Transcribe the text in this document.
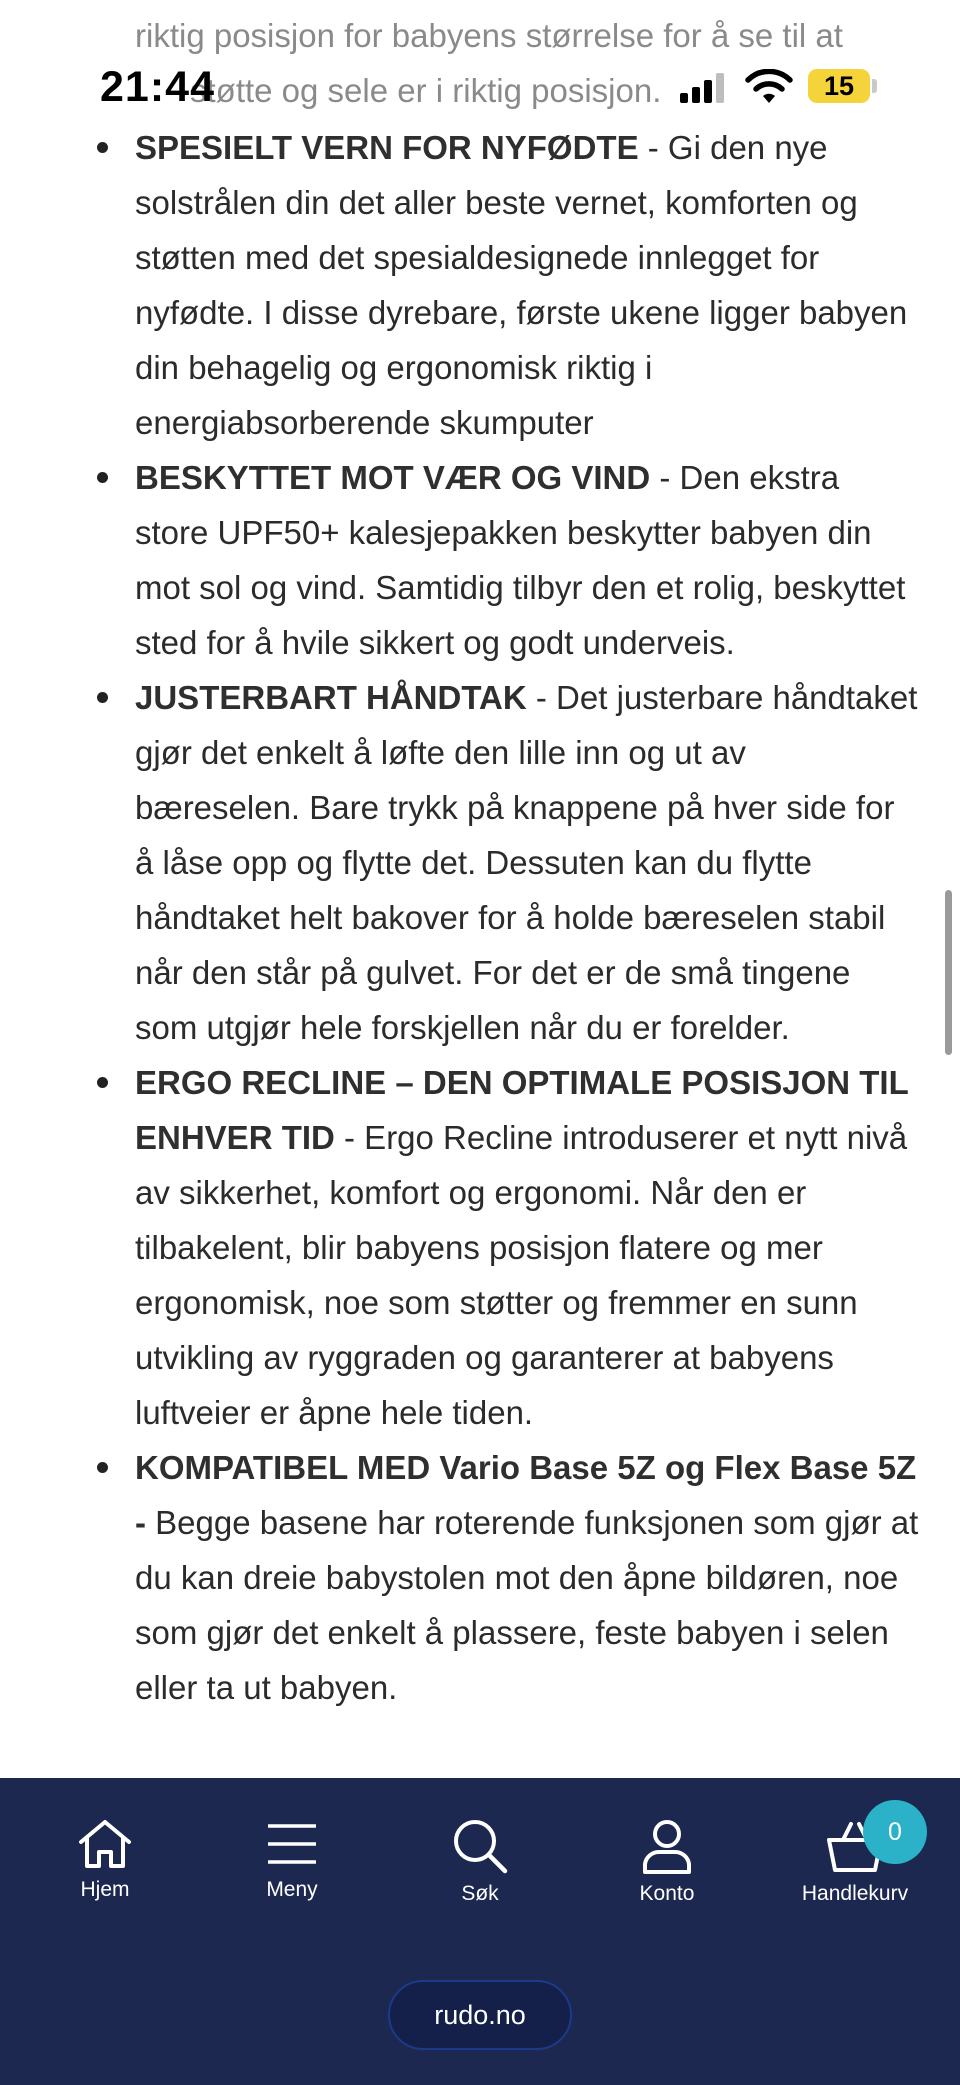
riktig posisjon for babyens størrelse for å se til at
støtte og sele er i riktig posisjon.
SPESIELT VERN FOR NYFØDTE - Gi den nye solstrålen din det aller beste vernet, komforten og støtten med det spesialdesignede innlegget for nyfødte. I disse dyrebare, første ukene ligger babyen din behagelig og ergonomisk riktig i energiabsorberende skumputer
BESKYTTET MOT VÆR OG VIND - Den ekstra store UPF50+ kalesjepakken beskytter babyen din mot sol og vind. Samtidig tilbyr den et rolig, beskyttet sted for å hvile sikkert og godt underveis.
JUSTERBART HÅNDTAK - Det justerbare håndtaket gjør det enkelt å løfte den lille inn og ut av bæreselen. Bare trykk på knappene på hver side for å låse opp og flytte det. Dessuten kan du flytte håndtaket helt bakover for å holde bæreselen stabil når den står på gulvet. For det er de små tingene som utgjør hele forskjellen når du er forelder.
ERGO RECLINE – DEN OPTIMALE POSISJON TIL ENHVER TID - Ergo Recline introduserer et nytt nivå av sikkerhet, komfort og ergonomi. Når den er tilbakelent, blir babyens posisjon flatere og mer ergonomisk, noe som støtter og fremmer en sunn utvikling av ryggraden og garanterer at babyens luftveier er åpne hele tiden.
KOMPATIBEL MED Vario Base 5Z og Flex Base 5Z - Begge basene har roterende funksjonen som gjør at du kan dreie babystolen mot den åpne bildøren, noe som gjør det enkelt å plassere, feste babyen i selen eller ta ut babyen.
21:44	15
Hjem	Meny	Søk	Konto
0
Handlekurv
rudo.no
